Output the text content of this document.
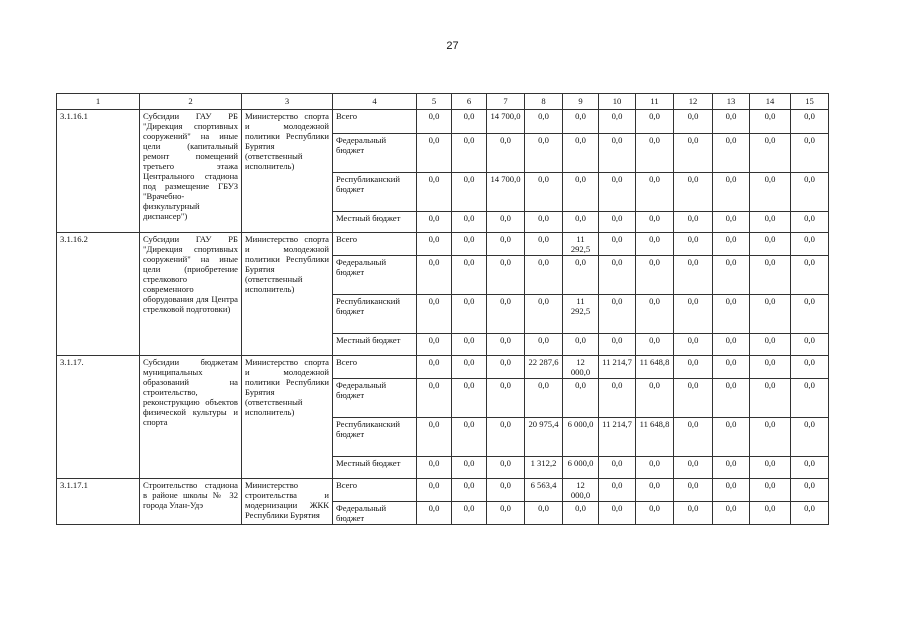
27
1	2	3	4	5	6	7	8	9	10	11	12	13	14	15
3.1.16.1	Субсидии ГАУ РБ "Дирекция спортивных сооружений" на иные цели (капитальный ремонт помещений третьего этажа Центрального стадиона под размещение ГБУЗ "Врачебно-физкультурный диспансер")	Министерство спорта и молодежной политики Республики Бурятия (ответственный исполнитель)	Всего	0,0	0,0	14 700,0	0,0	0,0	0,0	0,0	0,0	0,0	0,0	0,0
			Федеральный бюджет	0,0	0,0	0,0	0,0	0,0	0,0	0,0	0,0	0,0	0,0	0,0
			Республиканский бюджет	0,0	0,0	14 700,0	0,0	0,0	0,0	0,0	0,0	0,0	0,0	0,0
			Местный бюджет	0,0	0,0	0,0	0,0	0,0	0,0	0,0	0,0	0,0	0,0	0,0
3.1.16.2	Субсидии ГАУ РБ "Дирекция спортивных сооружений" на иные цели (приобретение стрелкового современного оборудования для Центра стрелковой подготовки)	Министерство спорта и молодежной политики Республики Бурятия (ответственный исполнитель)	Всего	0,0	0,0	0,0	0,0	11 292,5	0,0	0,0	0,0	0,0	0,0	0,0
			Федеральный бюджет	0,0	0,0	0,0	0,0	0,0	0,0	0,0	0,0	0,0	0,0	0,0
			Республиканский бюджет	0,0	0,0	0,0	0,0	11 292,5	0,0	0,0	0,0	0,0	0,0	0,0
			Местный бюджет	0,0	0,0	0,0	0,0	0,0	0,0	0,0	0,0	0,0	0,0	0,0
3.1.17.	Субсидии бюджетам муниципальных образований на строительство, реконструкцию объектов физической культуры и спорта	Министерство спорта и молодежной политики Республики Бурятия (ответственный исполнитель)	Всего	0,0	0,0	0,0	22 287,6	12 000,0	11 214,7	11 648,8	0,0	0,0	0,0	0,0
			Федеральный бюджет	0,0	0,0	0,0	0,0	0,0	0,0	0,0	0,0	0,0	0,0	0,0
			Республиканский бюджет	0,0	0,0	0,0	20 975,4	6 000,0	11 214,7	11 648,8	0,0	0,0	0,0	0,0
			Местный бюджет	0,0	0,0	0,0	1 312,2	6 000,0	0,0	0,0	0,0	0,0	0,0	0,0
3.1.17.1	Строительство стадиона в районе школы № 32 города Улан-Удэ	Министерство строительства и модернизации ЖКК Республики Бурятия	Всего	0,0	0,0	0,0	6 563,4	12 000,0	0,0	0,0	0,0	0,0	0,0	0,0
			Федеральный бюджет	0,0	0,0	0,0	0,0	0,0	0,0	0,0	0,0	0,0	0,0	0,0
